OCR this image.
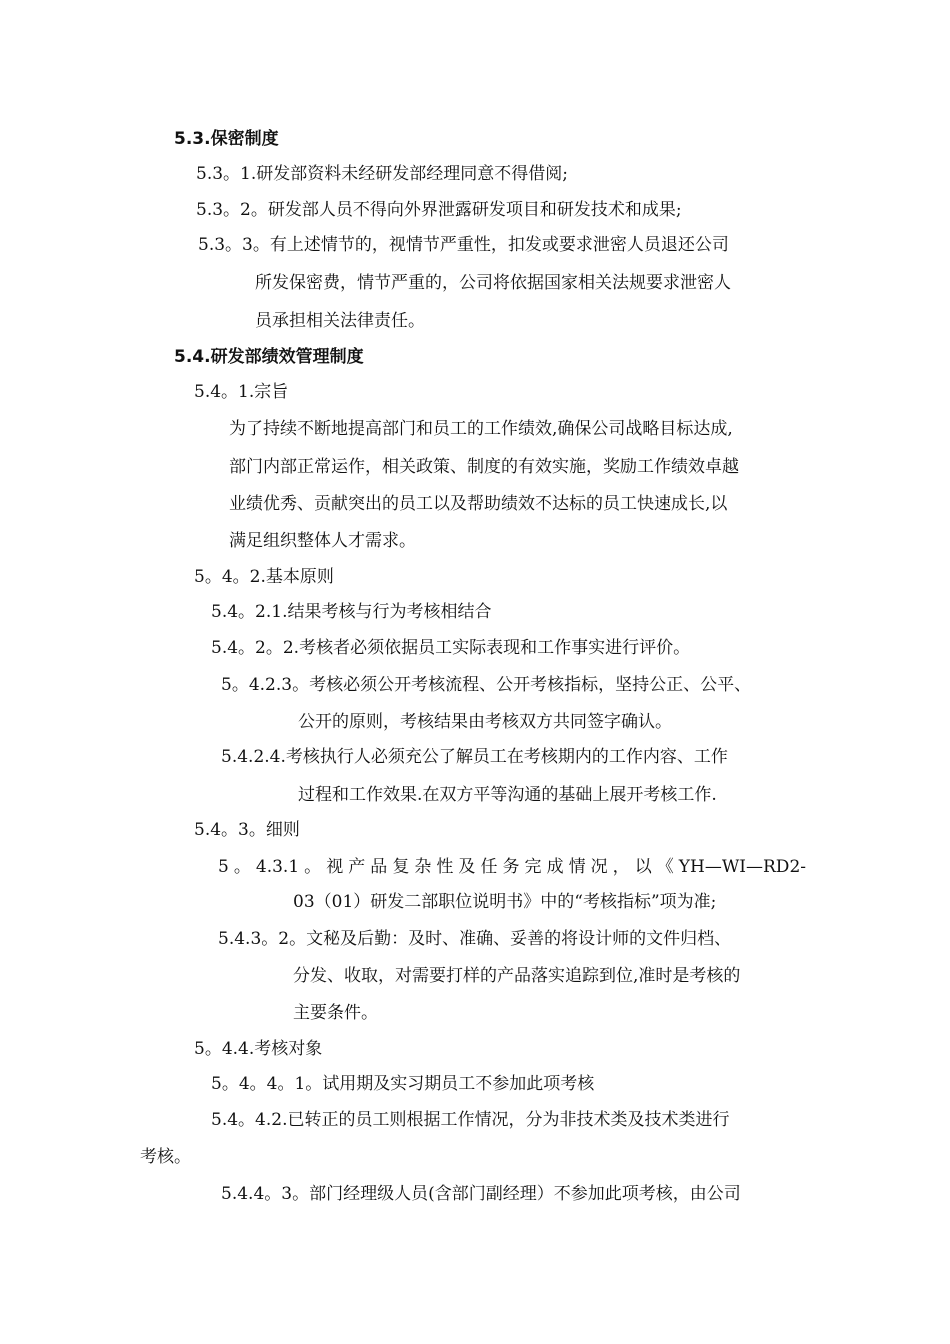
5.3.保密制度
5.3。1.研发部资料未经研发部经理同意不得借阅;
5.3。2。研发部人员不得向外界泄露研发项目和研发技术和成果;
5.3。3。有上述情节的，视情节严重性，扣发或要求泄密人员退还公司
所发保密费，情节严重的，公司将依据国家相关法规要求泄密人
员承担相关法律责任。
5.4.研发部绩效管理制度
5.4。1.宗旨
为了持续不断地提高部门和员工的工作绩效,确保公司战略目标达成,
部门内部正常运作，相关政策、制度的有效实施，奖励工作绩效卓越
业绩优秀、贡献突出的员工以及帮助绩效不达标的员工快速成长,以
满足组织整体人才需求。
5。4。2.基本原则
5.4。2.1.结果考核与行为考核相结合
5.4。2。2.考核者必须依据员工实际表现和工作事实进行评价。
5。4.2.3。考核必须公开考核流程、公开考核指标，坚持公正、公平、
公开的原则，考核结果由考核双方共同签字确认。
5.4.2.4.考核执行人必须充公了解员工在考核期内的工作内容、工作
过程和工作效果.在双方平等沟通的基础上展开考核工作.
5.4。3。细则
5。4.3.1。视产品复杂性及任务完成情况，以《YH—WI—RD2-
03（01）研发二部职位说明书》中的“考核指标”项为准;
5.4.3。2。文秘及后勤：及时、准确、妥善的将设计师的文件归档、
分发、收取，对需要打样的产品落实追踪到位,准时是考核的
主要条件。
5。4.4.考核对象
5。4。4。1。试用期及实习期员工不参加此项考核
5.4。4.2.已转正的员工则根据工作情况，分为非技术类及技术类进行
考核。
5.4.4。3。部门经理级人员(含部门副经理）不参加此项考核，由公司
